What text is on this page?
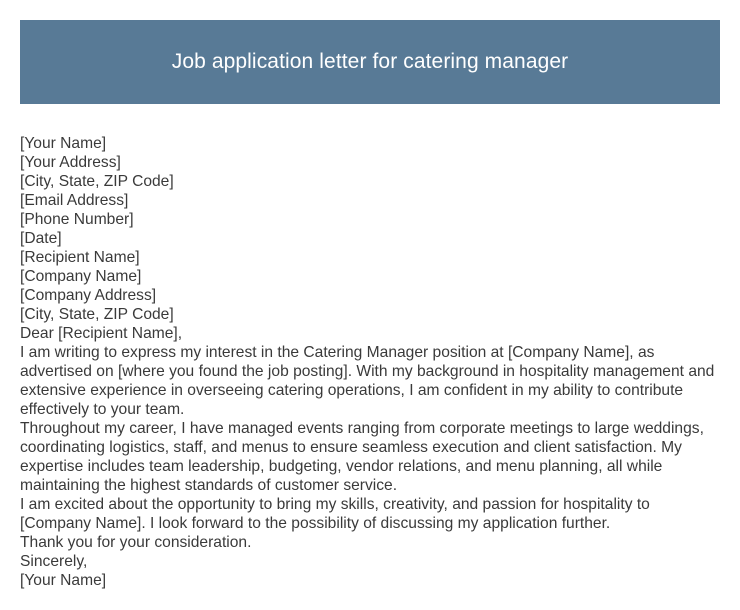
Job application letter for catering manager
[Your Name]
[Your Address]
[City, State, ZIP Code]
[Email Address]
[Phone Number]
[Date]
[Recipient Name]
[Company Name]
[Company Address]
[City, State, ZIP Code]
Dear [Recipient Name],
I am writing to express my interest in the Catering Manager position at [Company Name], as advertised on [where you found the job posting]. With my background in hospitality management and extensive experience in overseeing catering operations, I am confident in my ability to contribute effectively to your team.
Throughout my career, I have managed events ranging from corporate meetings to large weddings, coordinating logistics, staff, and menus to ensure seamless execution and client satisfaction. My expertise includes team leadership, budgeting, vendor relations, and menu planning, all while maintaining the highest standards of customer service.
I am excited about the opportunity to bring my skills, creativity, and passion for hospitality to [Company Name]. I look forward to the possibility of discussing my application further.
Thank you for your consideration.
Sincerely,
[Your Name]
